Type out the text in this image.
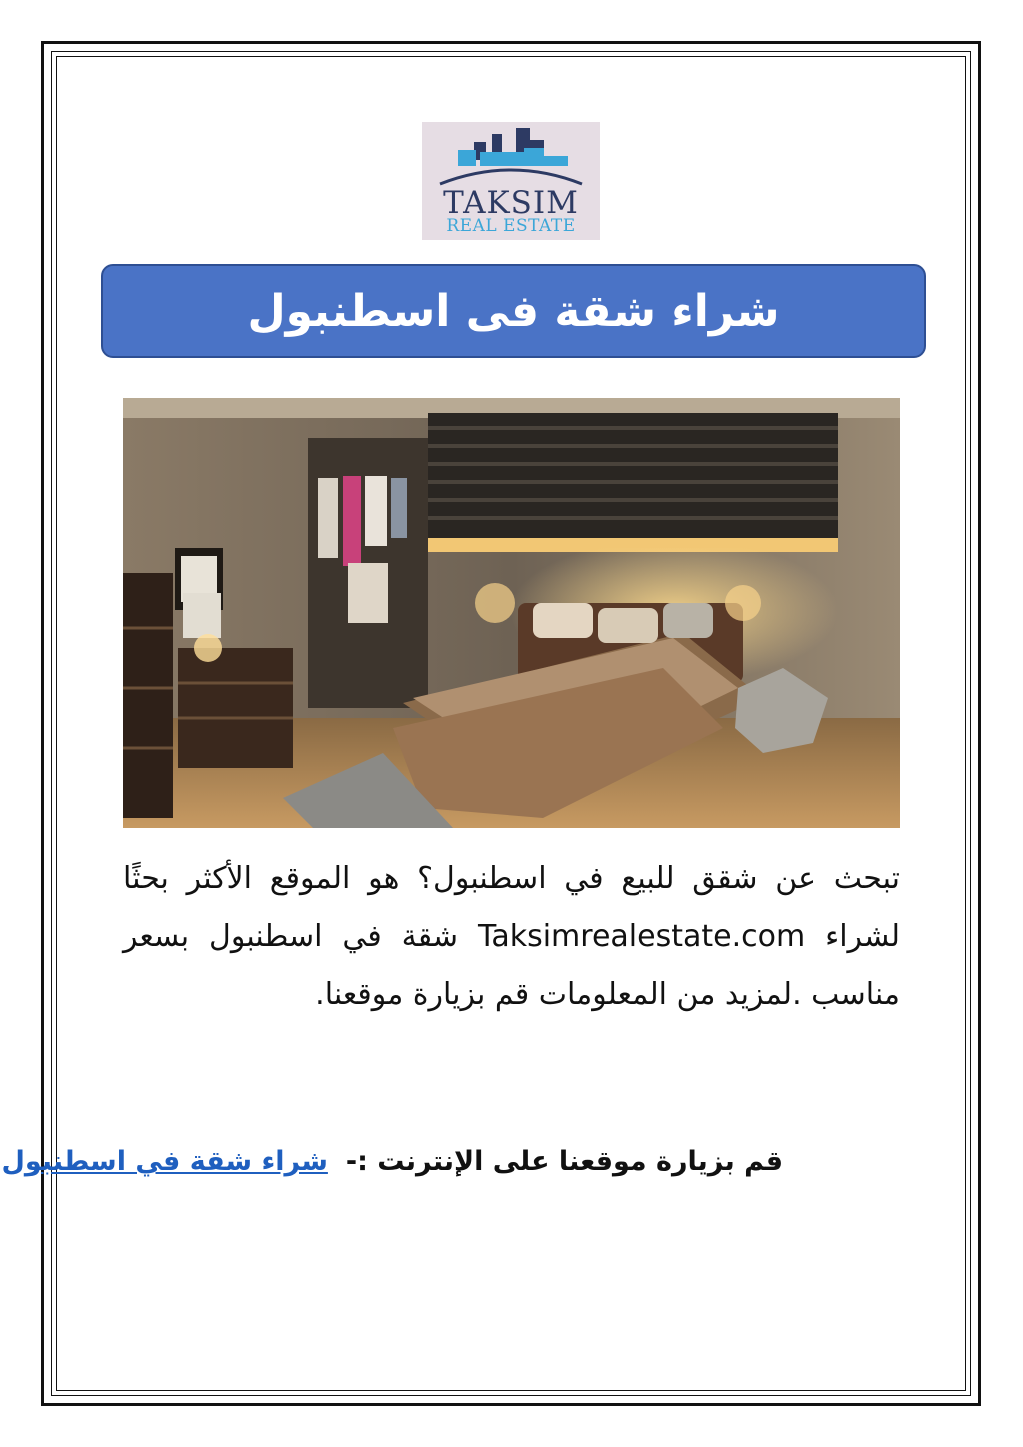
TAKSIM
REAL ESTATE
شراء شقة فى اسطنبول
تبحث عن شقق للبيع في اسطنبول؟ هو الموقع الأكثر بحثًا لشراء Taksimrealestate.com شقة في اسطنبول بسعر مناسب .لمزيد من المعلومات قم بزيارة موقعنا.
قم بزيارة موقعنا على الإنترنت :-شراء شقة في اسطنبول
